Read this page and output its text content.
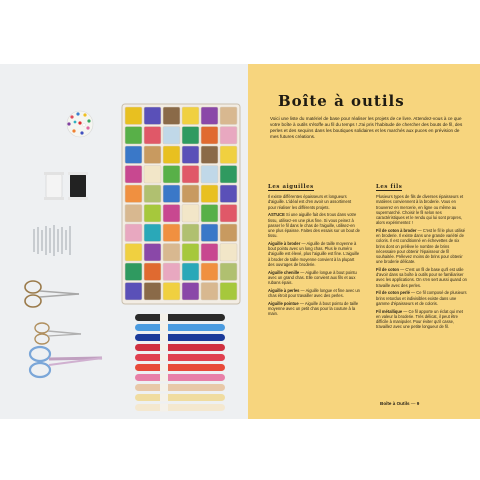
Boîte à outils

Voici une liste du matériel de base pour réaliser les projets de ce livre. Attendez-vous à ce que votre boîte à outils s'étoffe au fil du temps ! J'ai pris l'habitude de chercher des bouts de fil, des perles et des sequins dans les boutiques solidaires et les marchés aux puces en prévision de mes futures créations.

Les aiguilles

Il existe différentes épaisseurs et longueurs d'aiguille. L'idéal est d'en avoir un assortiment pour réaliser les différents projets.

ASTUCE Si une aiguille fait des trous dans votre tissu, utilisez-en une plus fine. Si vous peinez à passer le fil dans le chas de l'aiguille, utilisez-en une plus épaisse. Faites des essais sur un bout de tissu.

Aiguille à broder — Aiguille de taille moyenne à bout pointu avec un long chas. Plus le numéro d'aiguille est élevé, plus l'aiguille est fine. L'aiguille à broder de taille moyenne convient à la plupart des ouvrages de broderie.

Aiguille chenille — Aiguille longue à bout pointu avec un grand chas. Elle convient aux fils et aux rubans épais.

Aiguille à perles — Aiguille longue et fine avec un chas étroit pour travailler avec des perles.

Aiguille pointue — Aiguille à bout pointu de taille moyenne avec un petit chas pour la couture à la main.

Les fils

Plusieurs types de fils de diverses épaisseurs et matières conviennent à la broderie. Vous en trouverez en mercerie, en ligne ou même au supermarché. Choisir le fil selon ses caractéristiques et le rendu qui lui sont propres, alors expérimentez !

Fil de coton à broder — C'est le fil le plus utilisé en broderie. Il existe dans une grande variété de coloris. Il est conditionné en échevettes de six brins dont on prélève le nombre de brins nécessaire pour obtenir l'épaisseur de fil souhaitée. Prélevez moins de brins pour obtenir une broderie délicate.

Fil de coton — C'est un fil de base qu'il est utile d'avoir dans sa boîte à outils pour se familiariser avec les applications. On s'en sert aussi quand on travaille avec des perles.

Fil de coton perlé — Ce fil composé de plusieurs brins retordus et indivisibles existe dans une gamme d'épaisseurs et de coloris.

Fil métallique — Ce fil apporte un éclat qui met en valeur la broderie. Très délicat, il peut être difficile à manipuler. Pour éviter qu'il casse, travaillez avec une petite longueur de fil.

Boîte à Outils — 9
